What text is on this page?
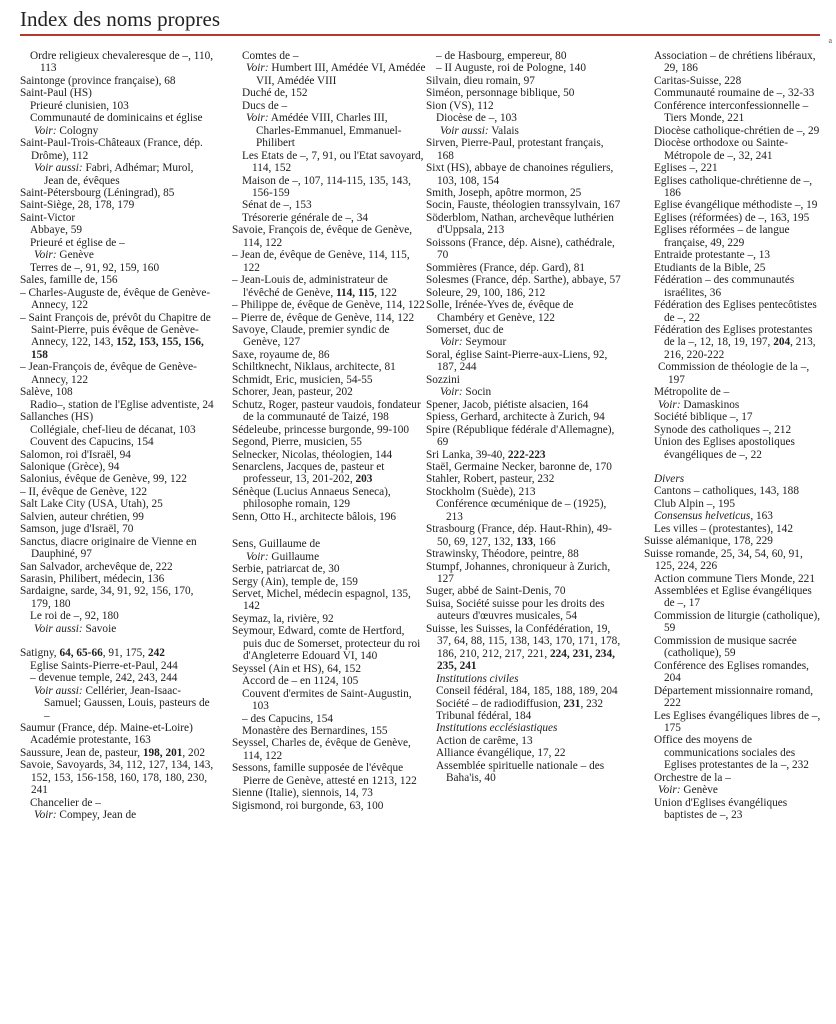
Index des noms propres
a
Ordre religieux chevaleresque de –, 110, 113
Saintonge (province française), 68
Saint-Paul (HS)
Prieuré clunisien, 103
Communauté de dominicains et église
Voir: Cologny
Saint-Paul-Trois-Châteaux (France, dép. Drôme), 112
Voir aussi: Fabri, Adhémar; Murol, Jean de, évêques
Saint-Pétersbourg (Léningrad), 85
Saint-Siège, 28, 178, 179
Saint-Victor
Abbaye, 59
Prieuré et église de –
Voir: Genève
Terres de –, 91, 92, 159, 160
Sales, famille de, 156
– Charles-Auguste de, évêque de Genève-Annecy, 122
– Saint François de, prévôt du Chapitre de Saint-Pierre, puis évêque de Genève-Annecy, 122, 143, 152, 153, 155, 156, 158
– Jean-François de, évêque de Genève-Annecy, 122
Salève, 108
Radio–, station de l'Eglise adventiste, 24
Sallanches (HS)
Collégiale, chef-lieu de décanat, 103
Couvent des Capucins, 154
Salomon, roi d'Israël, 94
Salonique (Grèce), 94
Salonius, évêque de Genève, 99, 122
– II, évêque de Genève, 122
Salt Lake City (USA, Utah), 25
Salvien, auteur chrétien, 99
Samson, juge d'Israël, 70
Sanctus, diacre originaire de Vienne en Dauphiné, 97
San Salvador, archevêque de, 222
Sarasin, Philibert, médecin, 136
Sardaigne, sarde, 34, 91, 92, 156, 170, 179, 180
Le roi de –, 92, 180
Voir aussi: Savoie
Satigny, 64, 65-66, 91, 175, 242
Eglise Saints-Pierre-et-Paul, 244
– devenue temple, 242, 243, 244
Voir aussi: Cellérier, Jean-Isaac-Samuel; Gaussen, Louis, pasteurs de –
Saumur (France, dép. Maine-et-Loire)
Académie protestante, 163
Saussure, Jean de, pasteur, 198, 201, 202
Savoie, Savoyards, 34, 112, 127, 134, 143, 152, 153, 156-158, 160, 178, 180, 230, 241
Chancelier de –
Voir: Compey, Jean de
Comtes de –
Voir: Humbert III, Amédée VI, Amédée VII, Amédée VIII
Duché de, 152
Ducs de –
Voir: Amédée VIII, Charles III, Charles-Emmanuel, Emmanuel-Philibert
Les Etats de –, 7, 91, ou l'Etat savoyard, 114, 152
Maison de –, 107, 114-115, 135, 143, 156-159
Sénat de –, 153
Trésorerie générale de –, 34
Savoie, François de, évêque de Genève, 114, 122
– Jean de, évêque de Genève, 114, 115, 122
– Jean-Louis de, administrateur de l'évêché de Genève, 114, 115, 122
– Philippe de, évêque de Genève, 114, 122
– Pierre de, évêque de Genève, 114, 122
Savoye, Claude, premier syndic de Genève, 127
Saxe, royaume de, 86
Schiltknecht, Niklaus, architecte, 81
Schmidt, Eric, musicien, 54-55
Schorer, Jean, pasteur, 202
Schutz, Roger, pasteur vaudois, fondateur de la communauté de Taizé, 198
Sédeleube, princesse burgonde, 99-100
Segond, Pierre, musicien, 55
Selnecker, Nicolas, théologien, 144
Senarclens, Jacques de, pasteur et professeur, 13, 201-202, 203
Sénèque (Lucius Annaeus Seneca), philosophe romain, 129
Senn, Otto H., architecte bâlois, 196
Sens, Guillaume de
Voir: Guillaume
Serbie, patriarcat de, 30
Sergy (Ain), temple de, 159
Servet, Michel, médecin espagnol, 135, 142
Seymaz, la, rivière, 92
Seymour, Edward, comte de Hertford, puis duc de Somerset, protecteur du roi d'Angleterre Edouard VI, 140
Seyssel (Ain et HS), 64, 152
Accord de – en 1124, 105
Couvent d'ermites de Saint-Augustin, 103
– des Capucins, 154
Monastère des Bernardines, 155
Seyssel, Charles de, évêque de Genève, 114, 122
Sessons, famille supposée de l'évêque Pierre de Genève, attesté en 1213, 122
Sienne (Italie), siennois, 14, 73
Sigismond, roi burgonde, 63, 100
– de Hasbourg, empereur, 80
– II Auguste, roi de Pologne, 140
Silvain, dieu romain, 97
Siméon, personnage biblique, 50
Sion (VS), 112
Diocèse de –, 103
Voir aussi: Valais
Sirven, Pierre-Paul, protestant français, 168
Sixt (HS), abbaye de chanoines réguliers, 103, 108, 154
Smith, Joseph, apôtre mormon, 25
Socin, Fauste, théologien transsylvain, 167
Söderblom, Nathan, archevêque luthérien d'Uppsala, 213
Soissons (France, dép. Aisne), cathédrale, 70
Sommières (France, dép. Gard), 81
Solesmes (France, dép. Sarthe), abbaye, 57
Soleure, 29, 100, 186, 212
Solle, Irénée-Yves de, évêque de Chambéry et Genève, 122
Somerset, duc de
Voir: Seymour
Soral, église Saint-Pierre-aux-Liens, 92, 187, 244
Sozzini
Voir: Socin
Spener, Jacob, piétiste alsacien, 164
Spiess, Gerhard, architecte à Zurich, 94
Spire (République fédérale d'Allemagne), 69
Sri Lanka, 39-40, 222-223
Staël, Germaine Necker, baronne de, 170
Stahler, Robert, pasteur, 232
Stockholm (Suède), 213
Conférence œcuménique de – (1925), 213
Strasbourg (France, dép. Haut-Rhin), 49-50, 69, 127, 132, 133, 166
Strawinsky, Théodore, peintre, 88
Stumpf, Johannes, chroniqueur à Zurich, 127
Suger, abbé de Saint-Denis, 70
Suisa, Société suisse pour les droits des auteurs d'œuvres musicales, 54
Suisse, les Suisses, la Confédération, 19, 37, 64, 88, 115, 138, 143, 170, 171, 178, 186, 210, 212, 217, 221, 224, 231, 234, 235, 241
Institutions civiles
Conseil fédéral, 184, 185, 188, 189, 204
Société – de radiodiffusion, 231, 232
Tribunal fédéral, 184
Institutions ecclésiastiques
Action de carême, 13
Alliance évangélique, 17, 22
Assemblée spirituelle nationale – des Baha'is, 40
Association – de chrétiens libéraux, 29, 186
Caritas-Suisse, 228
Communauté roumaine de –, 32-33
Conférence interconfessionnelle –Tiers Monde, 221
Diocèse catholique-chrétien de –, 29
Diocèse orthodoxe ou Sainte-Métropole de –, 32, 241
Eglises –, 221
Eglises catholique-chrétienne de –, 186
Eglise évangélique méthodiste –, 19
Eglises (réformées) de –, 163, 195
Eglises réformées – de langue française, 49, 229
Entraide protestante –, 13
Etudiants de la Bible, 25
Fédération – des communautés israélites, 36
Fédération des Eglises pentecôtistes de –, 22
Fédération des Eglises protestantes de la –, 12, 18, 19, 197, 204, 213, 216, 220-222
Commission de théologie de la –, 197
Métropolite de –
Voir: Damaskinos
Société biblique –, 17
Synode des catholiques –, 212
Union des Eglises apostoliques évangéliques de –, 22
Divers
Cantons – catholiques, 143, 188
Club Alpin –, 195
Consensus helveticus, 163
Les villes – (protestantes), 142
Suisse alémanique, 178, 229
Suisse romande, 25, 34, 54, 60, 91, 125, 224, 226
Action commune Tiers Monde, 221
Assemblées et Eglise évangéliques de –, 17
Commission de liturgie (catholique), 59
Commission de musique sacrée (catholique), 59
Conférence des Eglises romandes, 204
Département missionnaire romand, 222
Les Eglises évangéliques libres de –, 175
Office des moyens de communications sociales des Eglises protestantes de la –, 232
Orchestre de la –
Voir: Genève
Union d'Eglises évangéliques baptistes de –, 23
